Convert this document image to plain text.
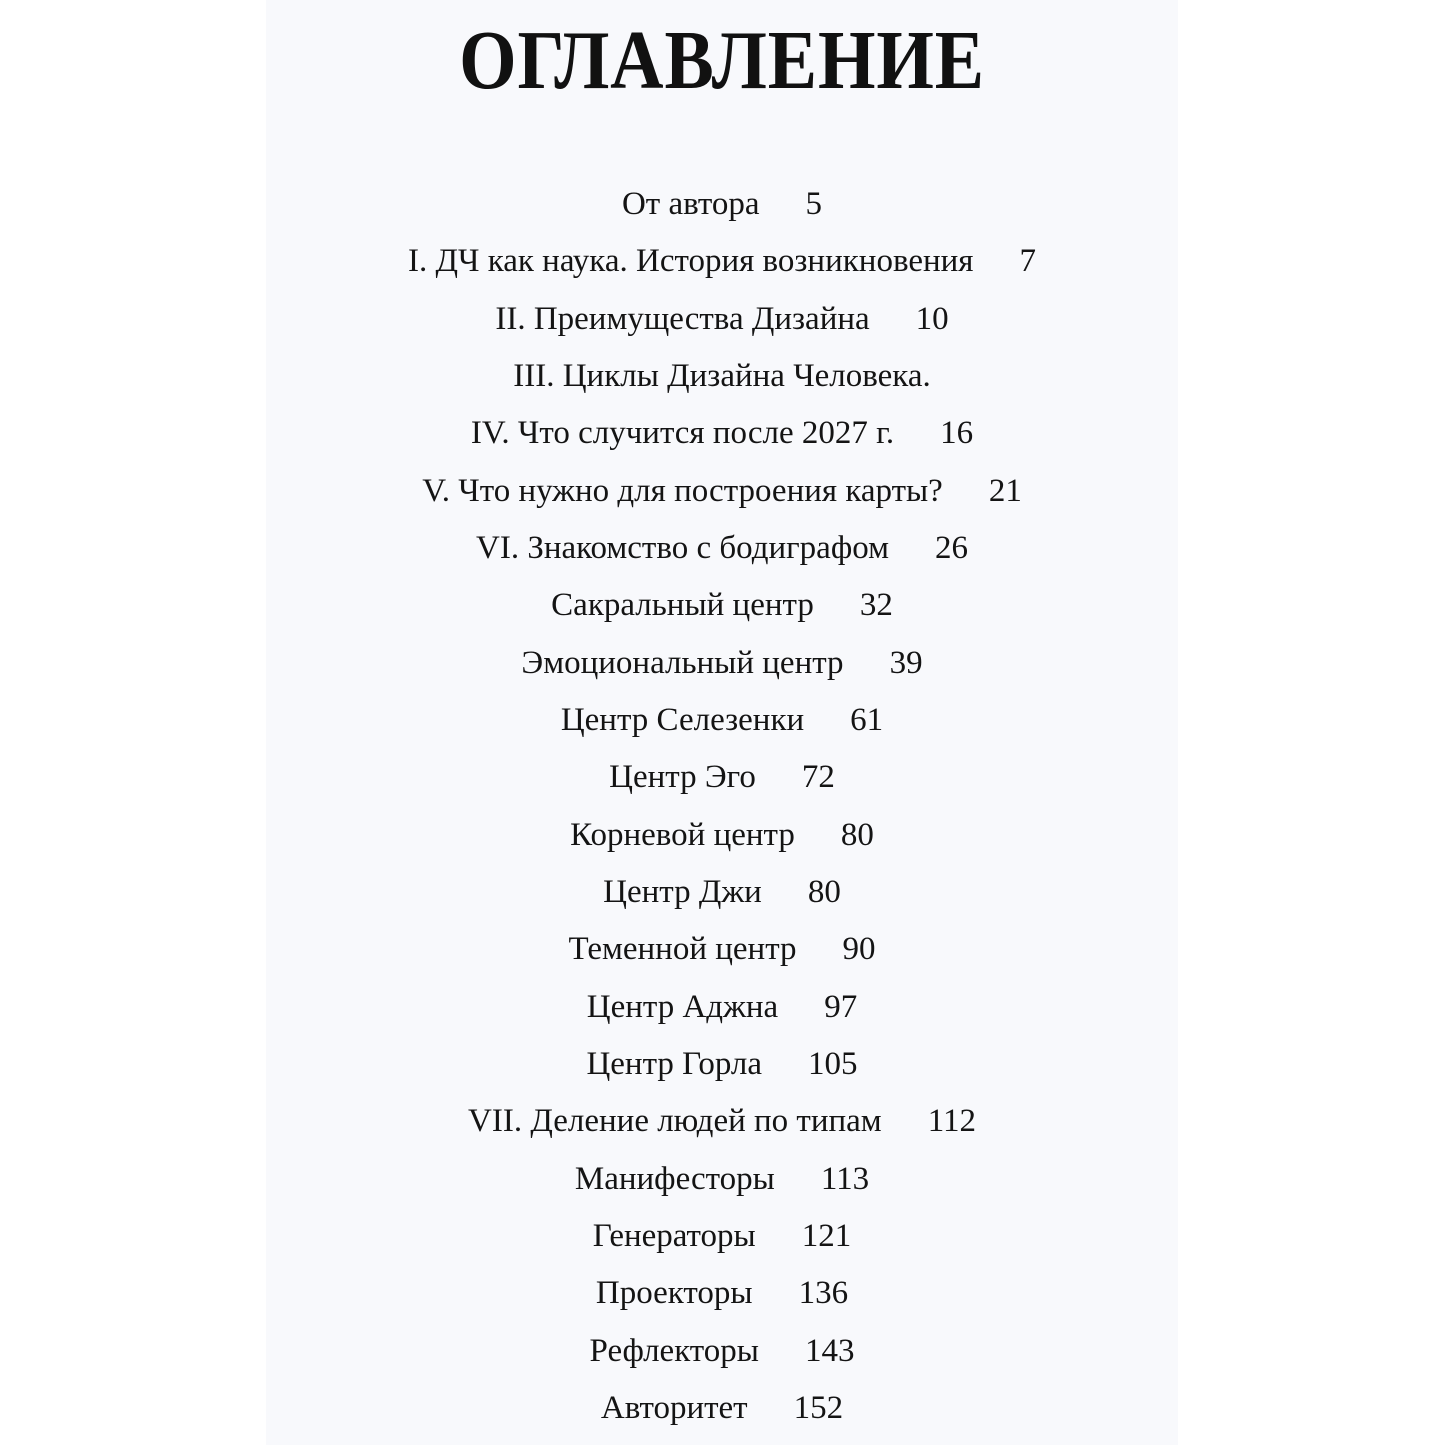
ОГЛАВЛЕНИЕ
От автора 5
I. ДЧ как наука. История возникновения 7
II. Преимущества Дизайна 10
III. Циклы Дизайна Человека.
IV. Что случится после 2027 г. 16
V. Что нужно для построения карты? 21
VI. Знакомство с бодиграфом 26
Сакральный центр 32
Эмоциональный центр 39
Центр Селезенки 61
Центр Эго 72
Корневой центр 80
Центр Джи 80
Теменной центр 90
Центр Аджна 97
Центр Горла 105
VII. Деление людей по типам 112
Манифесторы 113
Генераторы 121
Проекторы 136
Рефлекторы 143
Авторитет 152
